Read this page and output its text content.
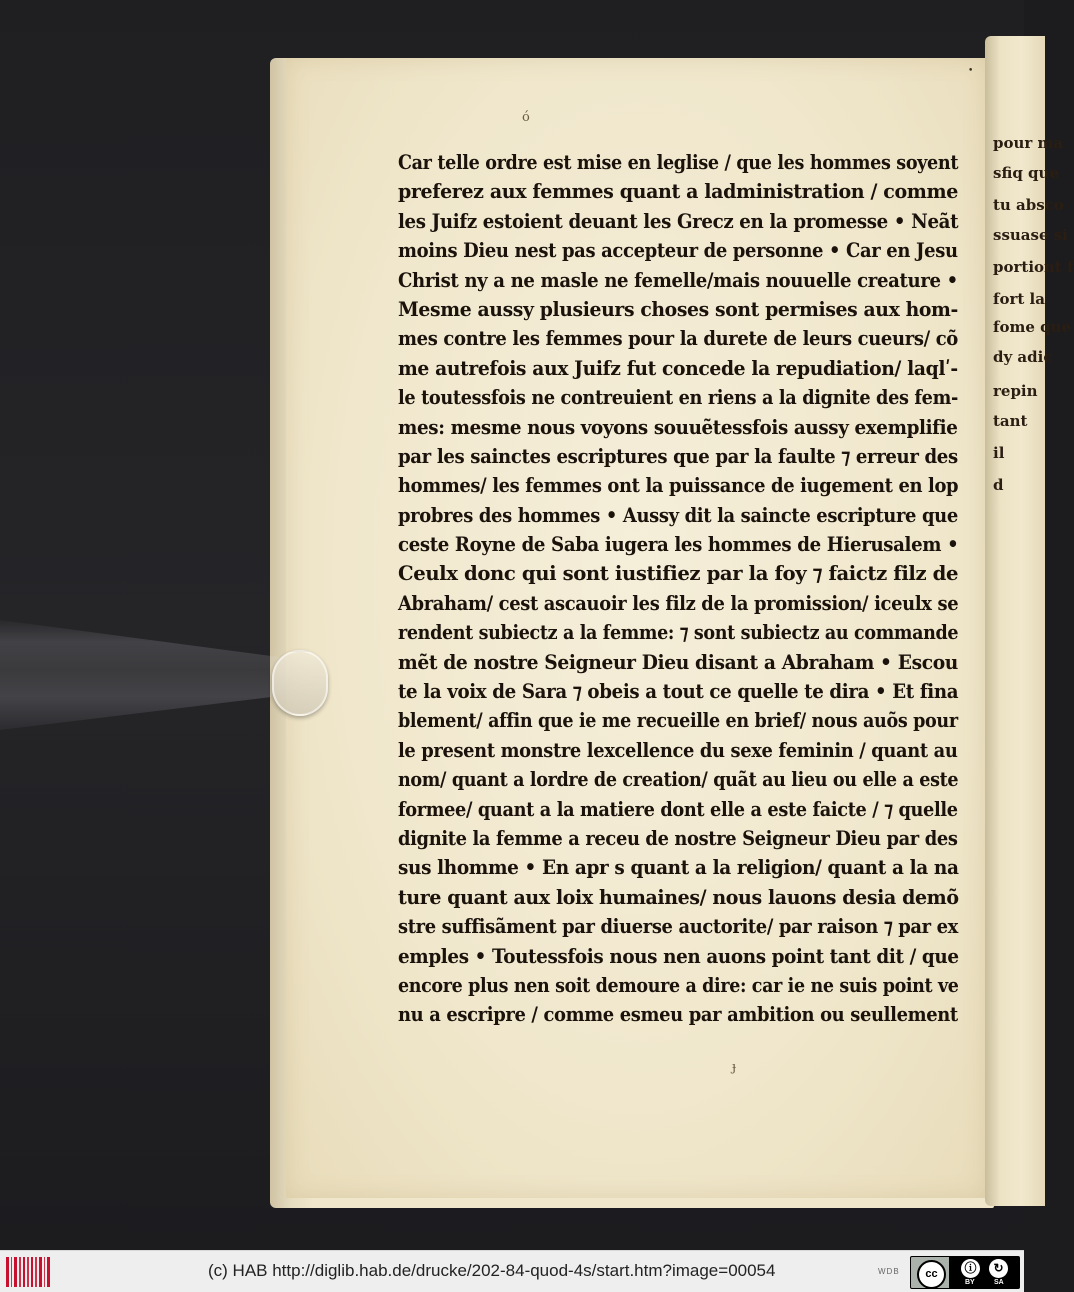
pour ma
sfiq que
tu absco
ssuase si
portiont f
fort la
fome que
dy adic
repin
tant
il
d
ó
•
Car telle ordre est mise en leglise / que les hommes soyent
preferez aux femmes quant a ladministration / comme
les Juifz estoient deuant les Grecz en la promesse • Neãt
moins Dieu nest pas accepteur de personne • Car en Jesu
Christ ny a ne masle ne femelle/mais nouuelle creature •
Mesme aussy plusieurs choses sont permises aux hom-
mes contre les femmes pour la durete de leurs cueurs/ cõ
me autrefois aux Juifz fut concede la repudiation/ laqlʹ-
le toutessfois ne contreuient en riens a la dignite des fem-
mes: mesme nous voyons souuẽtessfois aussy exemplifie
par les sainctes escriptures que par la faulte ⁊ erreur des
hommes/ les femmes ont la puissance de iugement en lop
probres des hommes • Aussy dit la saincte escripture que
ceste Royne de Saba iugera les hommes de Hierusalem •
Ceulx donc qui sont iustifiez par la foy ⁊ faictz filz de
Abraham/ cest ascauoir les filz de la promission/ iceulx se
rendent subiectz a la femme: ⁊ sont subiectz au commande
mẽt de nostre Seigneur Dieu disant a Abraham • Escou
te la voix de Sara ⁊ obeis a tout ce quelle te dira • Et fina
blement/ affin que ie me recueille en brief/ nous auõs pour
le present monstre lexcellence du sexe feminin / quant au
nom/ quant a lordre de creation/ quãt au lieu ou elle a este
formee/ quant a la matiere dont elle a este faicte / ⁊ quelle
dignite la femme a receu de nostre Seigneur Dieu par des
sus lhomme • En apr s quant a la religion/ quant a la na
ture quant aux loix humaines/ nous lauons desia demõ
stre suffisãment par diuerse auctorite/ par raison ⁊ par ex
emples • Toutessfois nous nen auons point tant dit / que
encore plus nen soit demoure a dire: car ie ne suis point ve
nu a escripre / comme esmeu par ambition ou seullement
ɟ
(c) HAB http://diglib.hab.de/drucke/202-84-quod-4s/start.htm?image=00054	WDB	cc	ⓘ	↻
BY	SA
